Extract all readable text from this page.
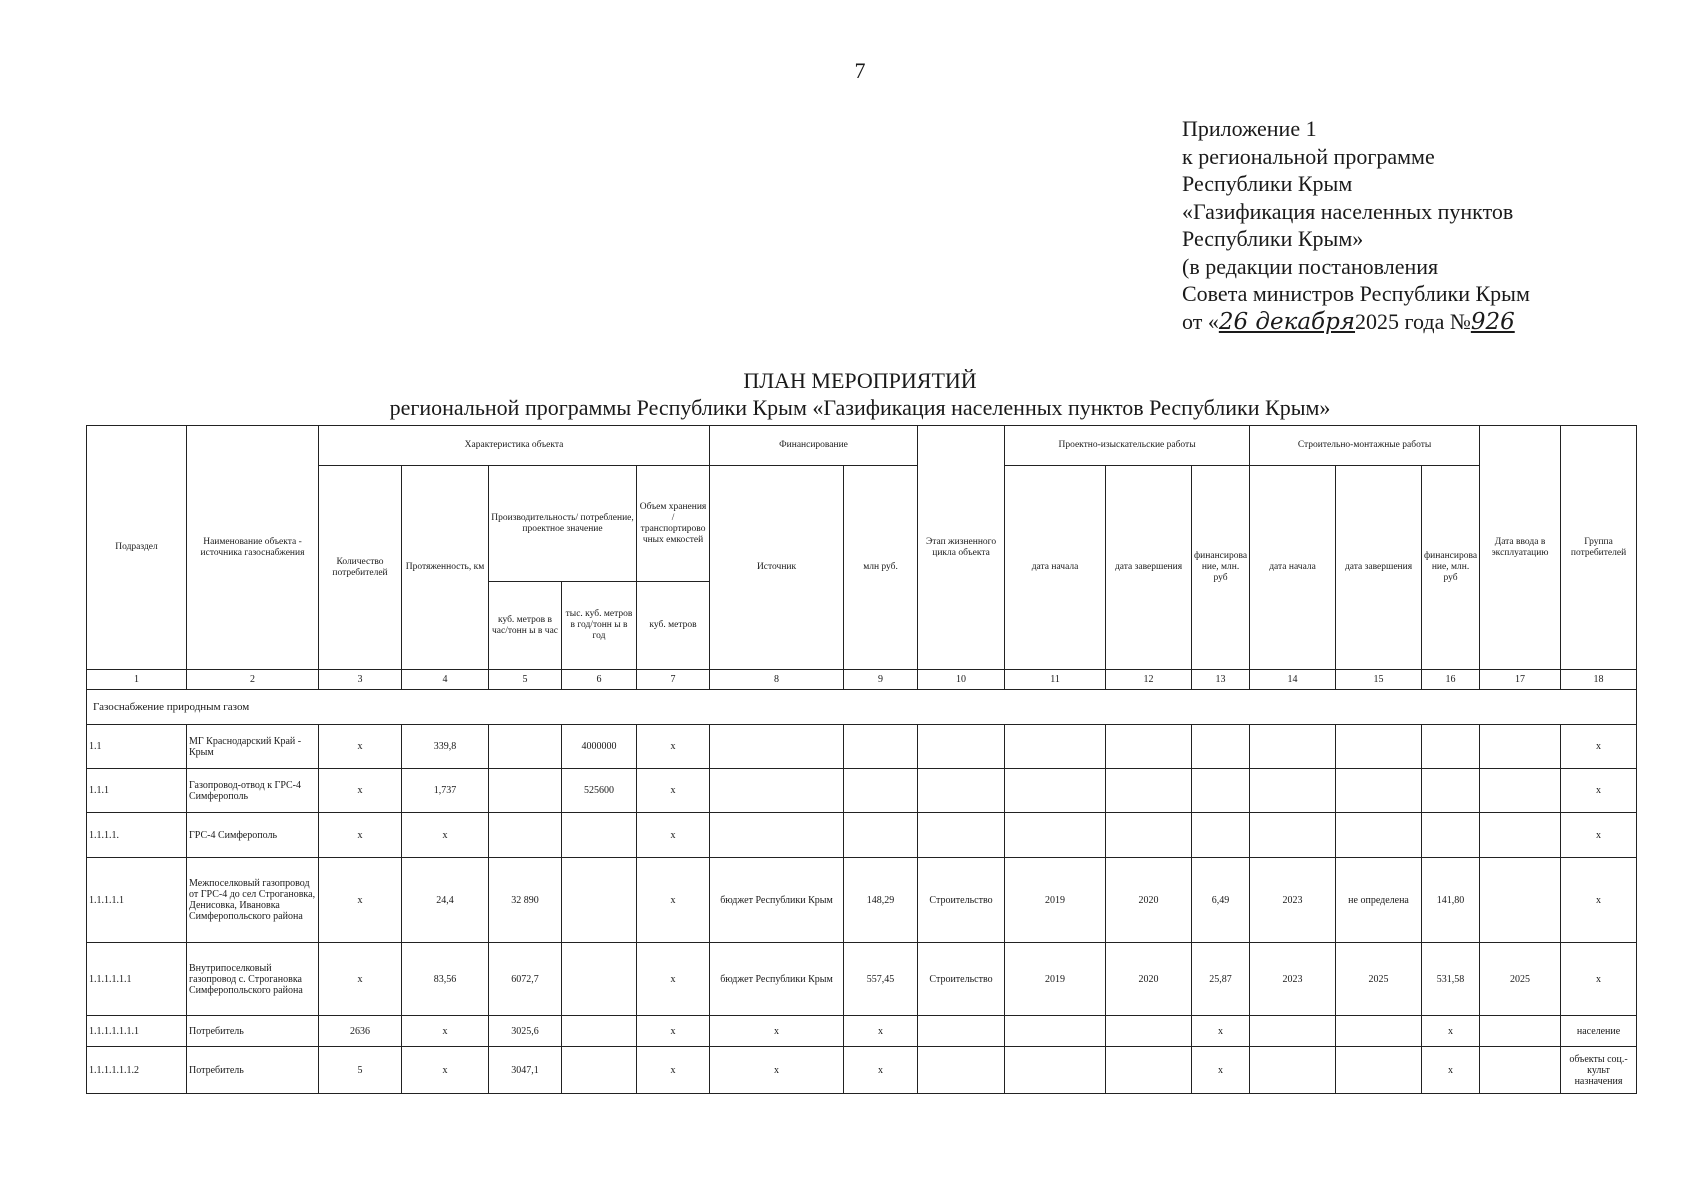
7
Приложение 1
к региональной программе
Республики Крым
«Газификация населенных пунктов
Республики Крым»
(в редакции постановления
Совета министров Республики Крым
от «26 декабря2025 года №926
ПЛАН МЕРОПРИЯТИЙ
региональной программы Республики Крым «Газификация населенных пунктов Республики Крым»
Подраздел	Наименование объекта - источника газоснабжения	Характеристика объекта					Финансирование		Этап жизненного цикла объекта	Проектно-изыскательские работы			Строительно-монтажные работы			Дата ввода в эксплуатацию	Группа потребителей
		Количество потребителей	Протяженность, км	Производительность/ потребление, проектное значение		Объем хранения / транспортировочных емкостей	Источник	млн руб.		дата начала	дата завершения	финансирование, млн. руб	дата начала	дата завершения	финансирование, млн. руб		
				куб. метров в час/тонн ы в час	тыс. куб. метров в год/тонн ы в год	куб. метров											
1	2	3	4	5	6	7	8	9	10	11	12	13	14	15	16	17	18
Газоснабжение природным газом																	
1.1	МГ Краснодарский Край - Крым	х	339,8		4000000	х											х
1.1.1	Газопровод-отвод к ГРС-4 Симферополь	х	1,737		525600	х											х
1.1.1.1.	ГРС-4 Симферополь	х	х			х											х
1.1.1.1.1	Межпоселковый газопровод от ГРС-4 до сел Строгановка, Денисовка, Ивановка Симферопольского района	х	24,4	32 890		х	бюджет Республики Крым	148,29	Строительство	2019	2020	6,49	2023	не определена	141,80		х
1.1.1.1.1.1	Внутрипоселковый газопровод с. Строгановка Симферопольского района	х	83,56	6072,7		х	бюджет Республики Крым	557,45	Строительство	2019	2020	25,87	2023	2025	531,58	2025	х
1.1.1.1.1.1.1	Потребитель	2636	х	3025,6		х	х	х				х			х		население
1.1.1.1.1.1.2	Потребитель	5	х	3047,1		х	х	х				х			х		объекты соц.-культ назначения
